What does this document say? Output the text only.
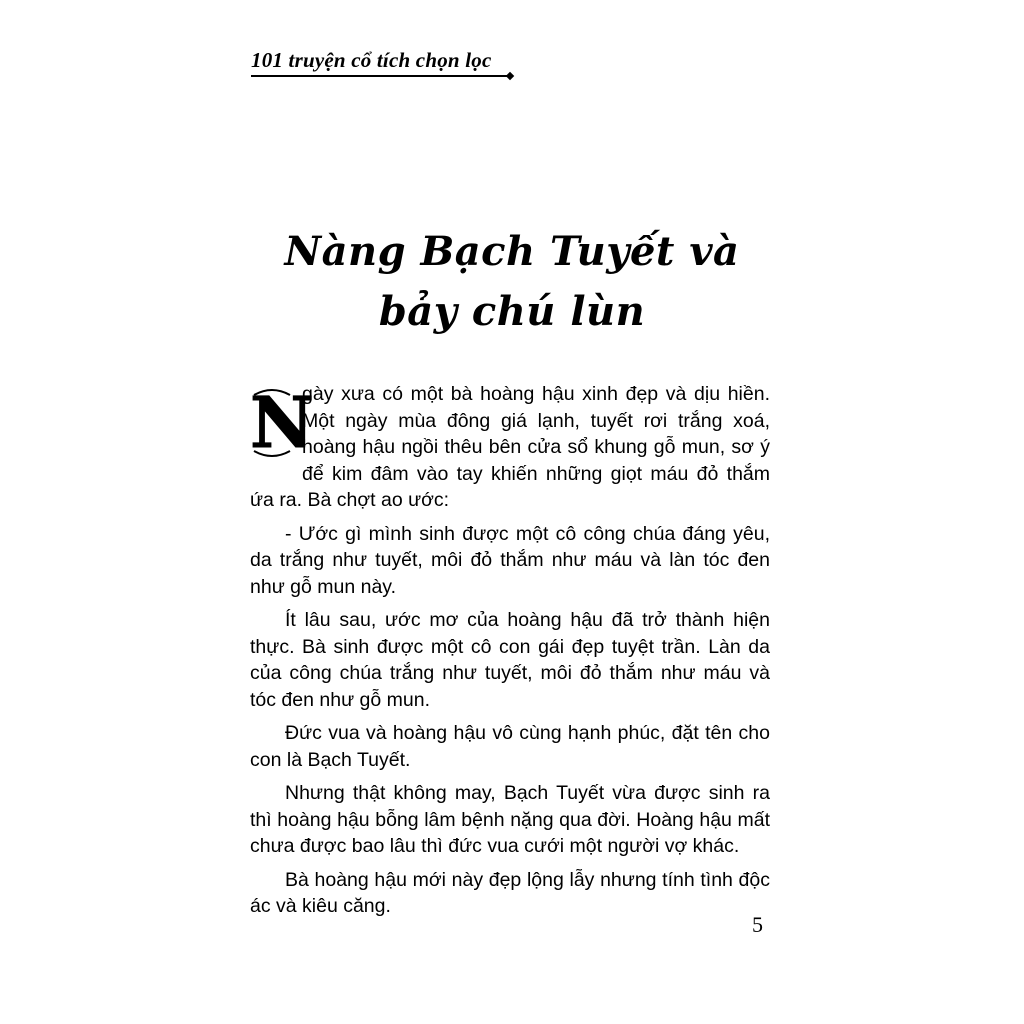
101 truyện cổ tích chọn lọc
Nàng Bạch Tuyết và
bảy chú lùn

N
gày xưa có một bà hoàng hậu xinh đẹp và dịu hiền. Một ngày mùa đông giá lạnh, tuyết rơi trắng xoá, hoàng hậu ngồi thêu bên cửa sổ khung gỗ mun, sơ ý để kim đâm vào tay khiến những giọt máu đỏ thắm ứa ra. Bà chợt ao ước:

- Ước gì mình sinh được một cô công chúa đáng yêu, da trắng như tuyết, môi đỏ thắm như máu và làn tóc đen như gỗ mun này.

Ít lâu sau, ước mơ của hoàng hậu đã trở thành hiện thực. Bà sinh được một cô con gái đẹp tuyệt trần. Làn da của công chúa trắng như tuyết, môi đỏ thắm như máu và tóc đen như gỗ mun.

Đức vua và hoàng hậu vô cùng hạnh phúc, đặt tên cho con là Bạch Tuyết.

Nhưng thật không may, Bạch Tuyết vừa được sinh ra thì hoàng hậu bỗng lâm bệnh nặng qua đời. Hoàng hậu mất chưa được bao lâu thì đức vua cưới một người vợ khác.

Bà hoàng hậu mới này đẹp lộng lẫy nhưng tính tình độc ác và kiêu căng.

5
